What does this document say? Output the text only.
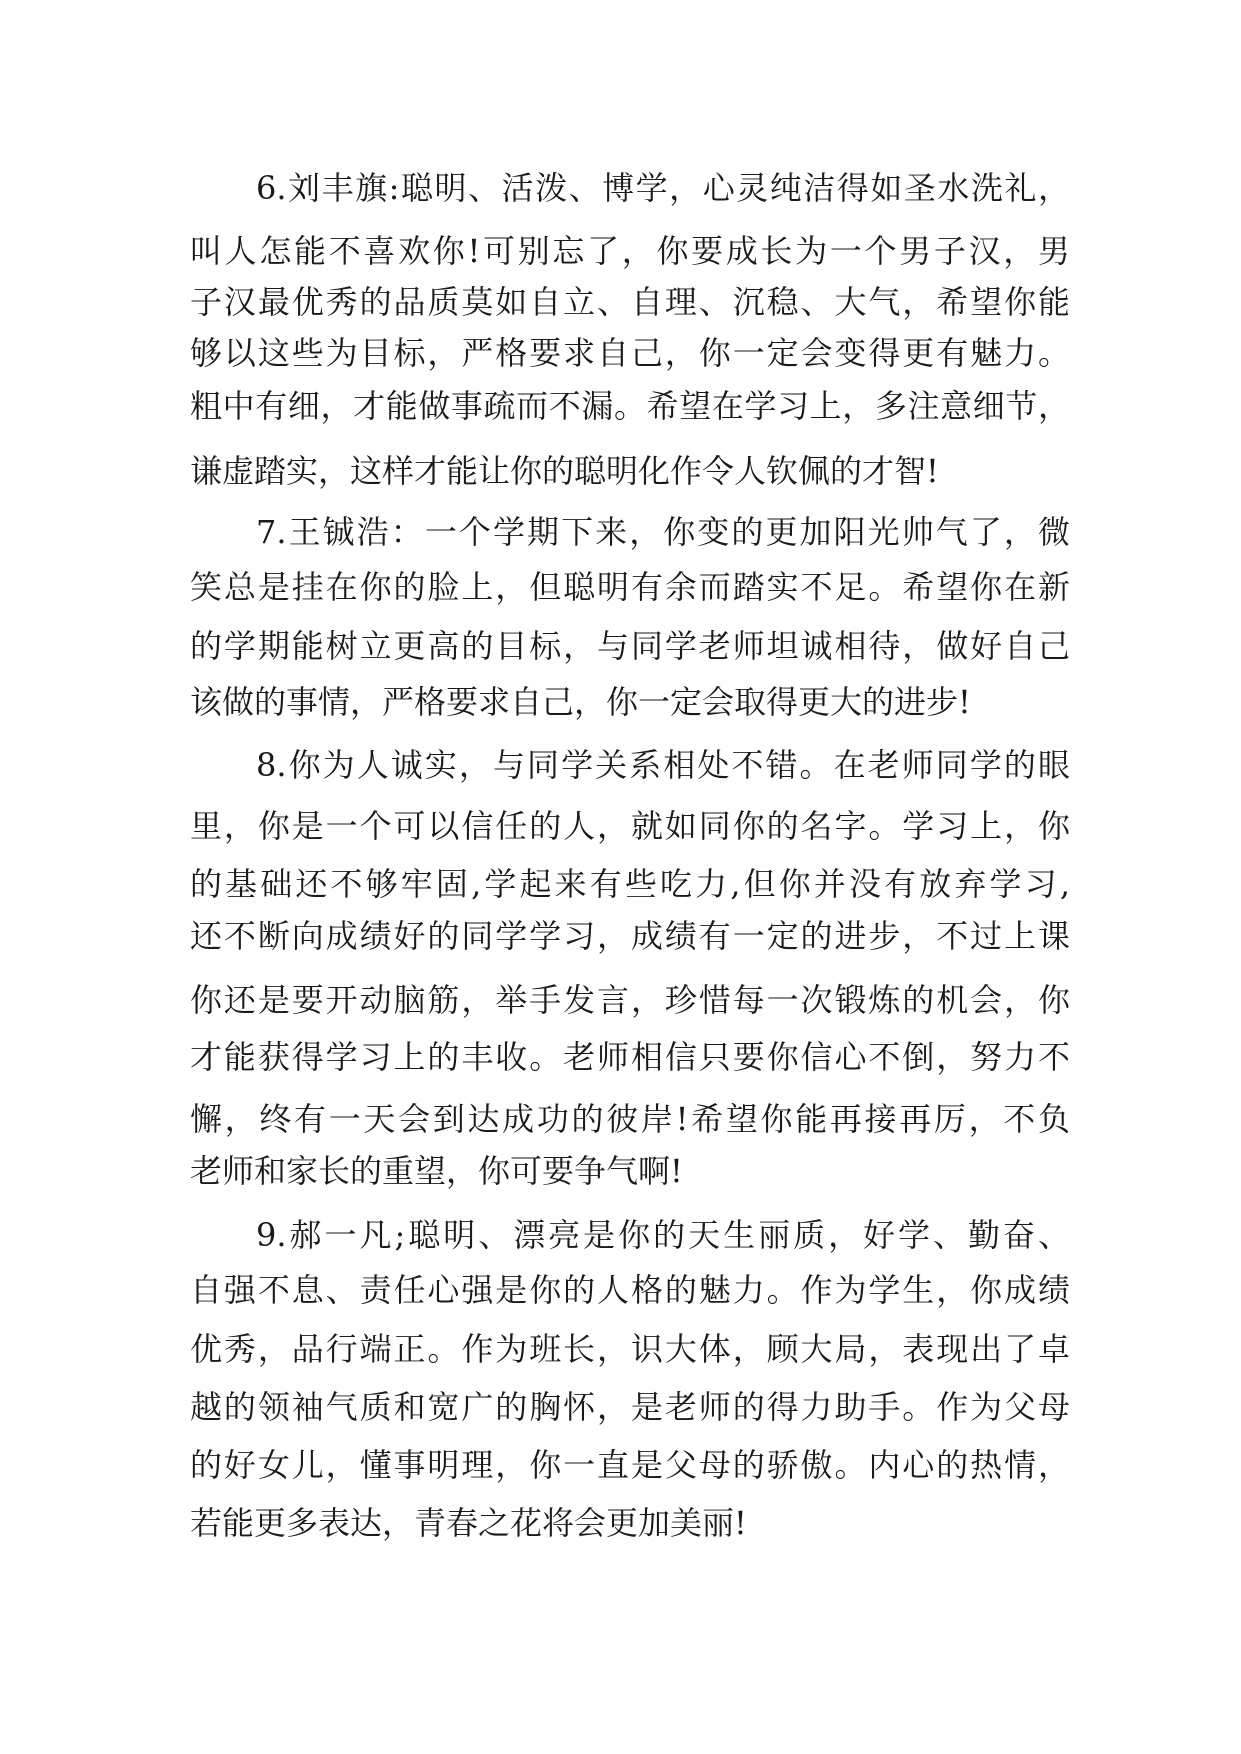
6.刘丰旗:聪明、活泼、博学，心灵纯洁得如圣水洗礼，
叫人怎能不喜欢你!可别忘了，你要成长为一个男子汉，男
子汉最优秀的品质莫如自立、自理、沉稳、大气，希望你能
够以这些为目标，严格要求自己，你一定会变得更有魅力。
粗中有细，才能做事疏而不漏。希望在学习上，多注意细节，
谦虚踏实，这样才能让你的聪明化作令人钦佩的才智!
7.王铖浩：一个学期下来，你变的更加阳光帅气了，微
笑总是挂在你的脸上，但聪明有余而踏实不足。希望你在新
的学期能树立更高的目标，与同学老师坦诚相待，做好自己
该做的事情，严格要求自己，你一定会取得更大的进步!
8.你为人诚实，与同学关系相处不错。在老师同学的眼
里，你是一个可以信任的人，就如同你的名字。学习上，你
的基础还不够牢固,学起来有些吃力,但你并没有放弃学习,
还不断向成绩好的同学学习，成绩有一定的进步，不过上课
你还是要开动脑筋，举手发言，珍惜每一次锻炼的机会，你
才能获得学习上的丰收。老师相信只要你信心不倒，努力不
懈，终有一天会到达成功的彼岸!希望你能再接再厉，不负
老师和家长的重望，你可要争气啊!
9.郝一凡;聪明、漂亮是你的天生丽质，好学、勤奋、
自强不息、责任心强是你的人格的魅力。作为学生，你成绩
优秀，品行端正。作为班长，识大体，顾大局，表现出了卓
越的领袖气质和宽广的胸怀，是老师的得力助手。作为父母
的好女儿，懂事明理，你一直是父母的骄傲。内心的热情，
若能更多表达，青春之花将会更加美丽!
